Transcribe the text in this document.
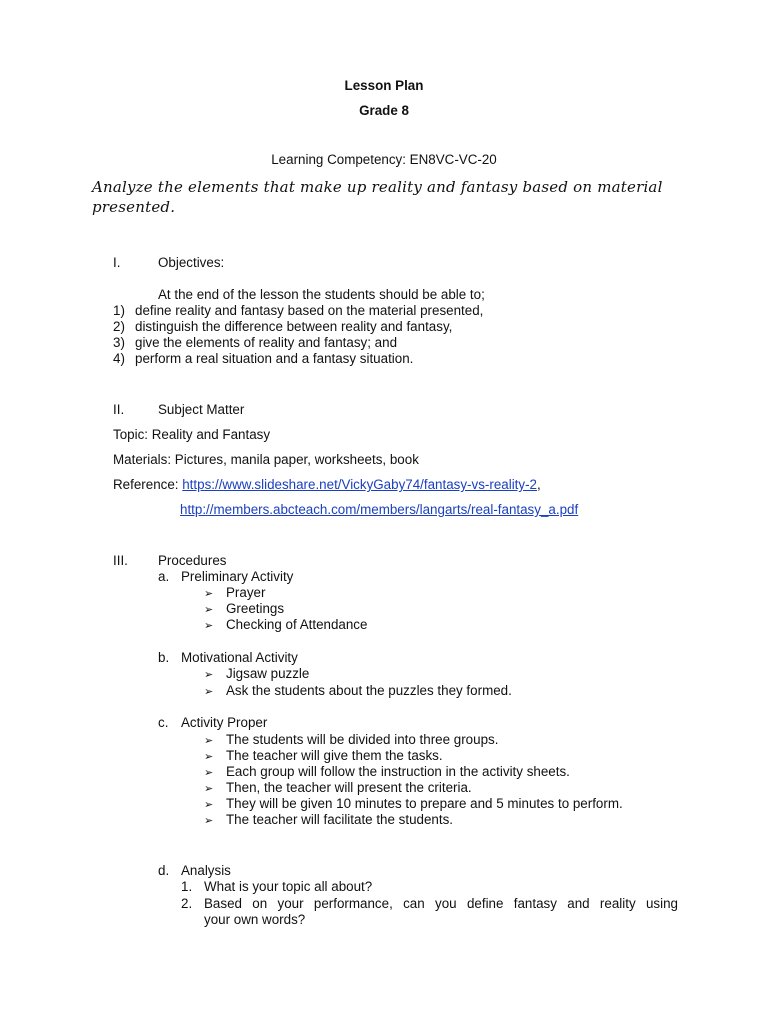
Lesson Plan
Grade 8
Learning Competency: EN8VC-VC-20
Analyze the elements that make up reality and fantasy based on material
presented.
I.	Objectives:
At the end of the lesson the students should be able to;
1) define reality and fantasy based on the material presented,
2) distinguish the difference between reality and fantasy,
3) give the elements of reality and fantasy; and
4) perform a real situation and a fantasy situation.
II.	Subject Matter
Topic: Reality and Fantasy
Materials: Pictures, manila paper, worksheets, book
Reference: https://www.slideshare.net/VickyGaby74/fantasy-vs-reality-2,
http://members.abcteach.com/members/langarts/real-fantasy_a.pdf
III. Procedures
a. Preliminary Activity
➢ Prayer
➢ Greetings
➢ Checking of Attendance
b. Motivational Activity
➢ Jigsaw puzzle
➢ Ask the students about the puzzles they formed.
c. Activity Proper
➢ The students will be divided into three groups.
➢ The teacher will give them the tasks.
➢ Each group will follow the instruction in the activity sheets.
➢ Then, the teacher will present the criteria.
➢ They will be given 10 minutes to prepare and 5 minutes to perform.
➢ The teacher will facilitate the students.
d. Analysis
1. What is your topic all about?
2. Based on your performance, can you define fantasy and reality using
your own words?
